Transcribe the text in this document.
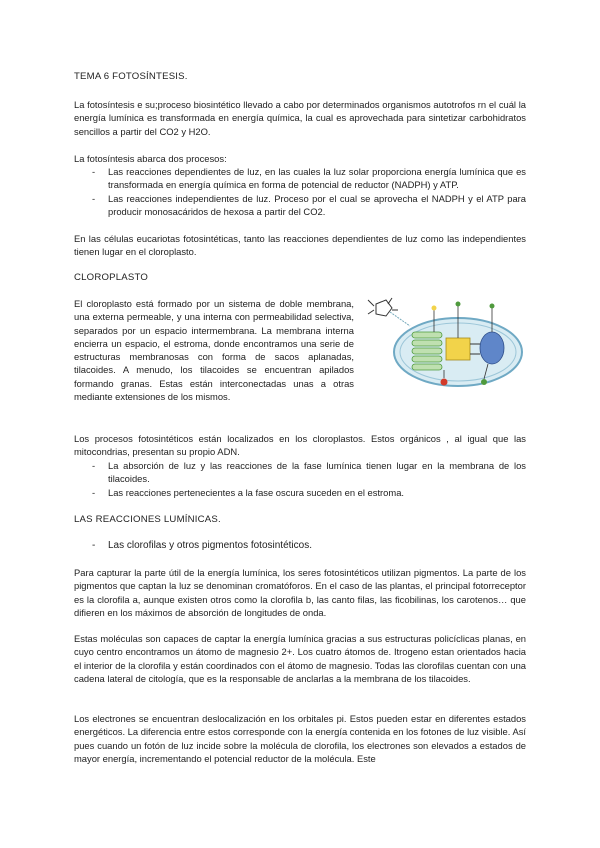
TEMA 6 FOTOSÍNTESIS.

La fotosíntesis e su;proceso biosintético llevado a cabo por determinados organismos autotrofos rn el cuál la energía lumínica es transformada en energía química, la cual es aprovechada para sintetizar carbohidratos sencillos a partir del CO2 y H2O.

La fotosíntesis abarca dos procesos:

- Las reacciones dependientes de luz, en las cuales la luz solar proporciona energía lumínica que es transformada en energía química en forma de potencial de reductor (NADPH) y ATP.
- Las reacciones independientes de luz. Proceso por el cual se aprovecha el NADPH y el ATP para producir monosacáridos de hexosa a partir del CO2.

En las células eucariotas fotosintéticas, tanto las reacciones dependientes de luz como las independientes tienen lugar en el cloroplasto.

CLOROPLASTO

El cloroplasto está formado por un sistema de doble membrana, una externa permeable, y una interna con permeabilidad selectiva, separados por un espacio intermembrana. La membrana interna encierra un espacio, el estroma, donde encontramos una serie de estructuras membranosas con forma de sacos aplanadas, tilacoides. A menudo, los tilacoides se encuentran apilados formando granas. Estas están interconectadas unas a otras mediante extensiones de los mismos.

Los procesos fotosintéticos están localizados en los cloroplastos. Estos orgánicos , al igual que las mitocondrias, presentan su propio ADN.

- La absorción de luz y las reacciones de la fase lumínica tienen lugar en la membrana de los tilacoides.
- Las reacciones pertenecientes a la fase oscura suceden en el estroma.

LAS REACCIONES LUMÍNICAS.

- Las clorofilas y otros pigmentos fotosintéticos.

Para capturar la parte útil de la energía lumínica, los seres fotosintéticos utilizan pigmentos. La parte de los pigmentos que captan la luz se denominan cromatóforos. En el caso de las plantas, el principal fotorreceptor es la clorofila a, aunque existen otros como la clorofila b, las canto filas, las ficobilinas, los carotenos… que difieren en los máximos de absorción de longitudes de onda.

Estas moléculas son capaces de captar la energía lumínica gracias a sus estructuras policíclicas planas, en cuyo centro encontramos un átomo de magnesio 2+. Los cuatro átomos de. Itrogeno estan orientados hacia el interior de la clorofila y están coordinados con el átomo de magnesio. Todas las clorofilas cuentan con una cadena lateral de citología, que es la responsable de anclarlas a la membrana de los tilacoides.

Los electrones se encuentran deslocalización en los orbitales pi. Estos pueden estar en diferentes estados energéticos. La diferencia entre estos corresponde con la energía contenida en los fotones de luz visible. Así pues cuando un fotón de luz incide sobre la molécula de clorofila, los electrones son elevados a estados de mayor energía, incrementando el potencial reductor de la molécula. Este
